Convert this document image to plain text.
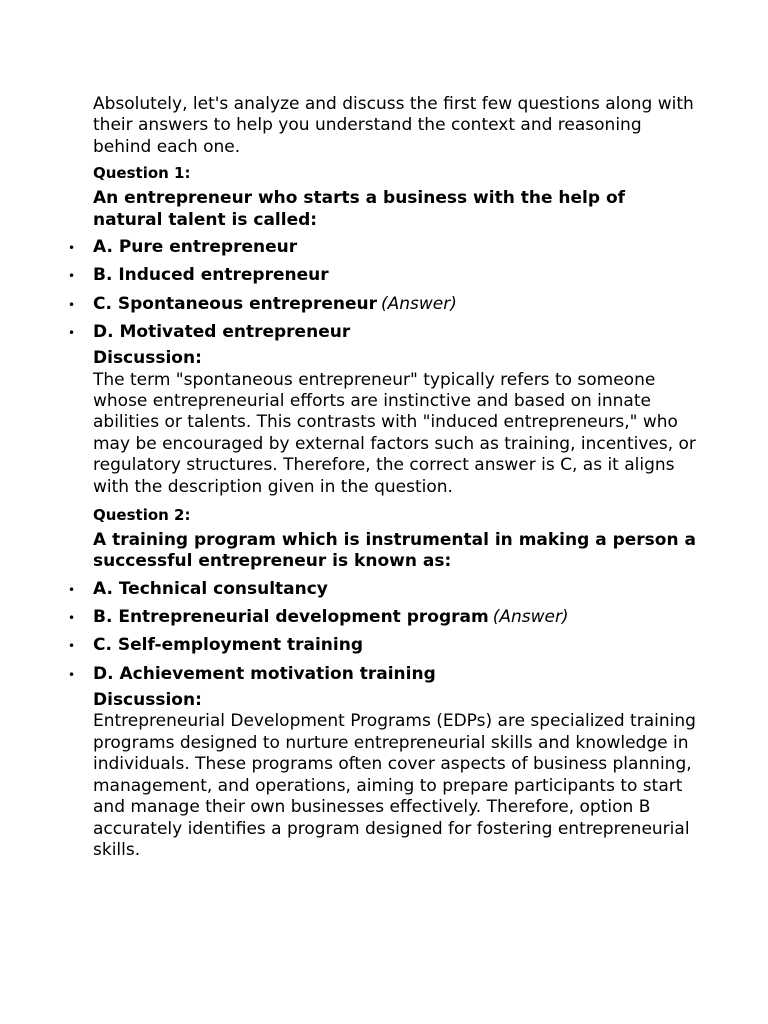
Absolutely, let's analyze and discuss the first few questions along with their answers to help you understand the context and reasoning behind each one.

Question 1:
An entrepreneur who starts a business with the help of natural talent is called:
• A. Pure entrepreneur
• B. Induced entrepreneur
• C. Spontaneous entrepreneur (Answer)
• D. Motivated entrepreneur
Discussion:

The term "spontaneous entrepreneur" typically refers to someone whose entrepreneurial efforts are instinctive and based on innate abilities or talents. This contrasts with "induced entrepreneurs," who may be encouraged by external factors such as training, incentives, or regulatory structures. Therefore, the correct answer is C, as it aligns with the description given in the question.

Question 2:
A training program which is instrumental in making a person a successful entrepreneur is known as:
• A. Technical consultancy
• B. Entrepreneurial development program (Answer)
• C. Self-employment training
• D. Achievement motivation training
Discussion:

Entrepreneurial Development Programs (EDPs) are specialized training programs designed to nurture entrepreneurial skills and knowledge in individuals. These programs often cover aspects of business planning, management, and operations, aiming to prepare participants to start and manage their own businesses effectively. Therefore, option B accurately identifies a program designed for fostering entrepreneurial skills.
